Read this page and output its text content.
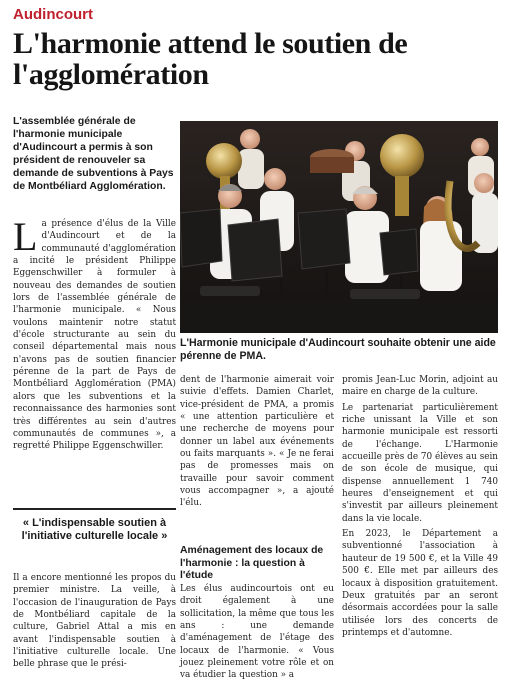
Audincourt
L'harmonie attend le soutien de l'agglomération
L'assemblée générale de l'harmonie municipale d'Audincourt a permis à son président de renouveler sa demande de subventions à Pays de Montbéliard Agglomération.
L'Harmonie municipale d'Audincourt souhaite obtenir une aide pérenne de PMA.
La présence d'élus de la Ville d'Audincourt et de la communauté d'agglomération a incité le président Philippe Eggenschwiller à formuler à nouveau des demandes de soutien lors de l'assemblée générale de l'harmonie municipale. « Nous voulons maintenir notre statut d'école structurante au sein du conseil départemental mais nous n'avons pas de soutien financier pérenne de la part de Pays de Montbéliard Agglomération (PMA) alors que les subventions et la reconnaissance des harmonies sont très différentes au sein d'autres communautés de communes », a regretté Philippe Eggenschwiller.
« L'indispensable soutien à l'initiative culturelle locale »
Il a encore mentionné les propos du premier ministre. La veille, à l'occasion de l'inauguration de Pays de Montbéliard capitale de la culture, Gabriel Attal a mis en avant l'indispensable soutien à l'initiative culturelle locale. Une belle phrase que le prési-
dent de l'harmonie aimerait voir suivie d'effets. Damien Charlet, vice-président de PMA, a promis « une attention particulière et une recherche de moyens pour donner un label aux événements ou faits marquants ». « Je ne ferai pas de promesses mais on travaille pour savoir comment vous accompagner », a ajouté l'élu.
Aménagement des locaux de l'harmonie : la question à l'étude
Les élus audincourtois ont eu droit également à une sollicitation, la même que tous les ans : une demande d'aménagement de l'étage des locaux de l'harmonie. « Vous jouez pleinement votre rôle et on va étudier la question » a

promis Jean-Luc Morin, adjoint au maire en charge de la culture.

Le partenariat particulièrement riche unissant la Ville et son harmonie municipale est ressorti de l'échange. L'Harmonie accueille près de 70 élèves au sein de son école de musique, qui dispense annuellement 1 740 heures d'enseignement et qui s'investit par ailleurs pleinement dans la vie locale.

En 2023, le Département a subventionné l'association à hauteur de 19 500 €, et la Ville 49 500 €. Elle met par ailleurs des locaux à disposition gratuitement. Deux gratuités par an seront désormais accordées pour la salle utilisée lors des concerts de printemps et d'automne.
